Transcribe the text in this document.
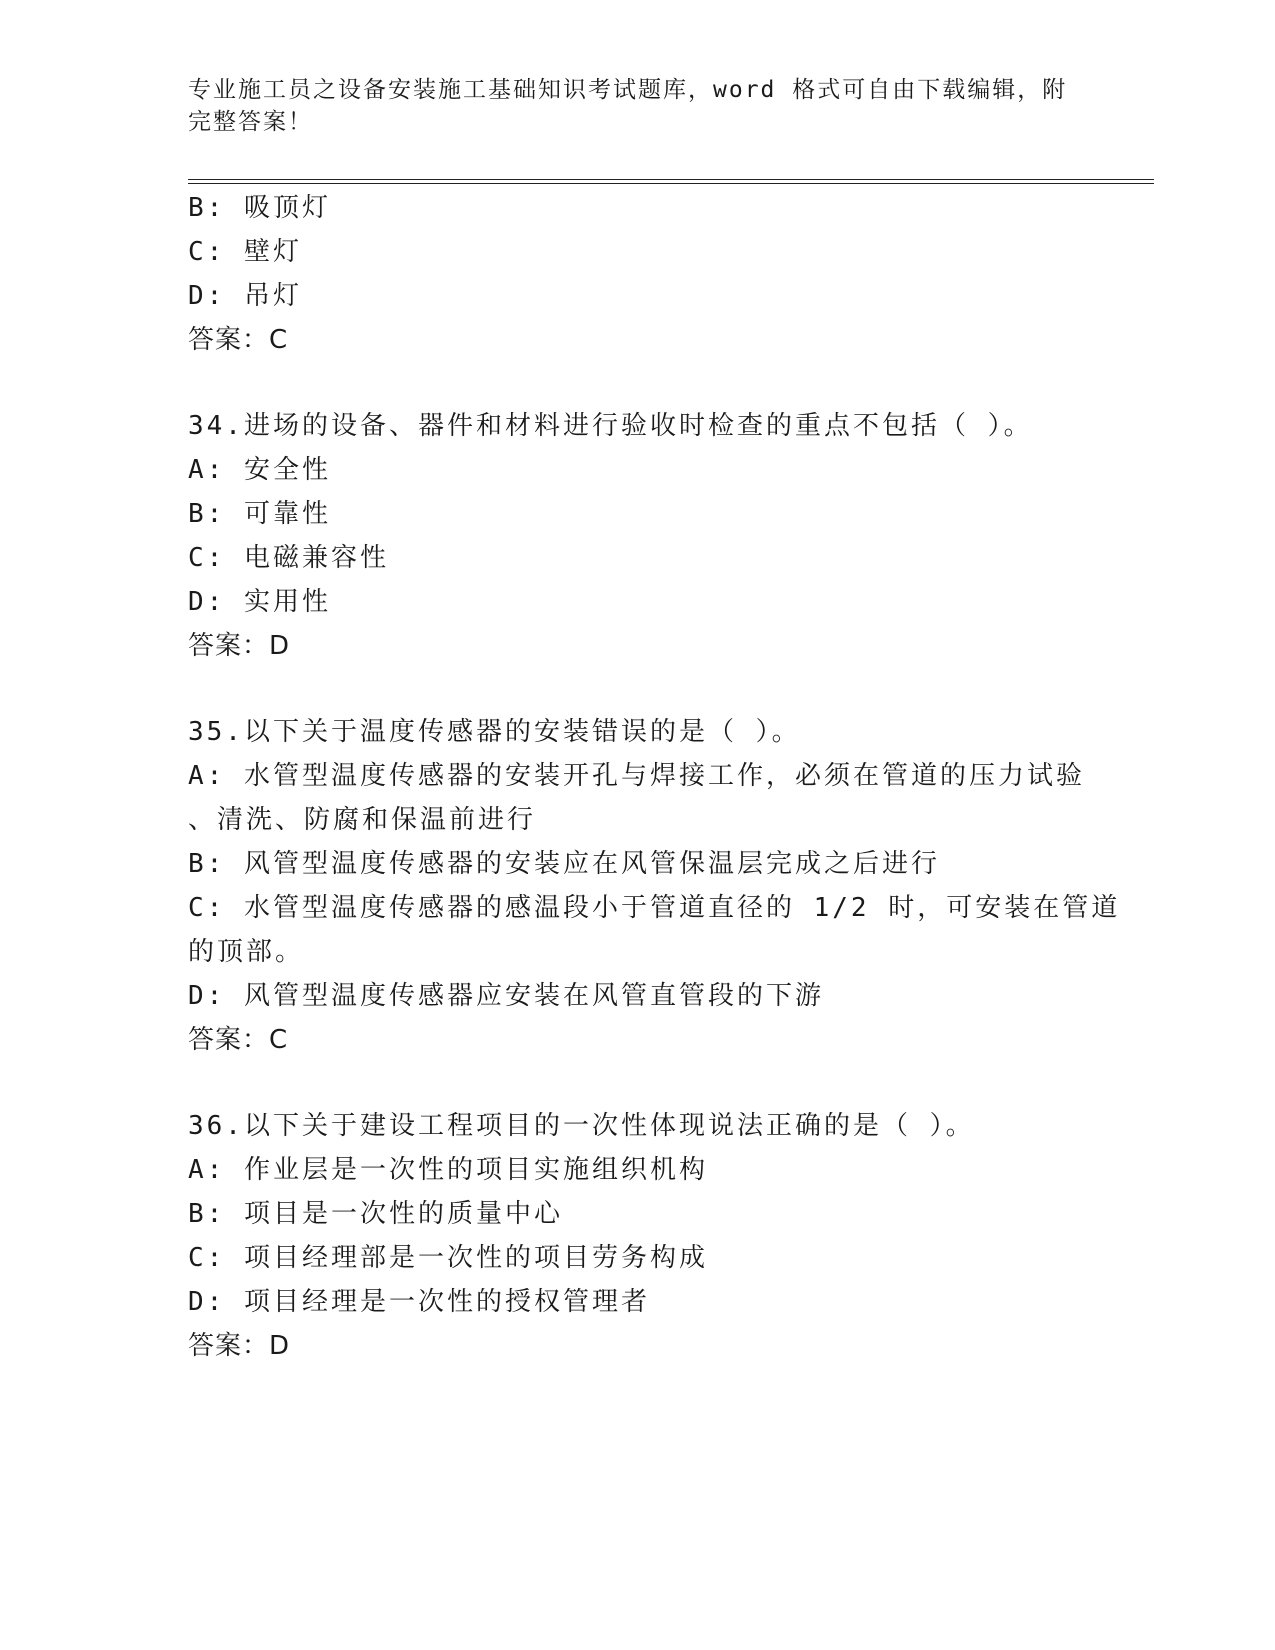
专业施工员之设备安装施工基础知识考试题库，word 格式可自由下载编辑，附完整答案！
B: 吸顶灯
C: 壁灯
D: 吊灯
答案：C
34.进场的设备、器件和材料进行验收时检查的重点不包括（ ）。
A: 安全性
B: 可靠性
C: 电磁兼容性
D: 实用性
答案：D
35.以下关于温度传感器的安装错误的是（ ）。
A: 水管型温度传感器的安装开孔与焊接工作，必须在管道的压力试验
、清洗、防腐和保温前进行
B: 风管型温度传感器的安装应在风管保温层完成之后进行
C: 水管型温度传感器的感温段小于管道直径的 1/2 时，可安装在管道
的顶部。
D: 风管型温度传感器应安装在风管直管段的下游
答案：C
36.以下关于建设工程项目的一次性体现说法正确的是（ ）。
A: 作业层是一次性的项目实施组织机构
B: 项目是一次性的质量中心
C: 项目经理部是一次性的项目劳务构成
D: 项目经理是一次性的授权管理者
答案：D
